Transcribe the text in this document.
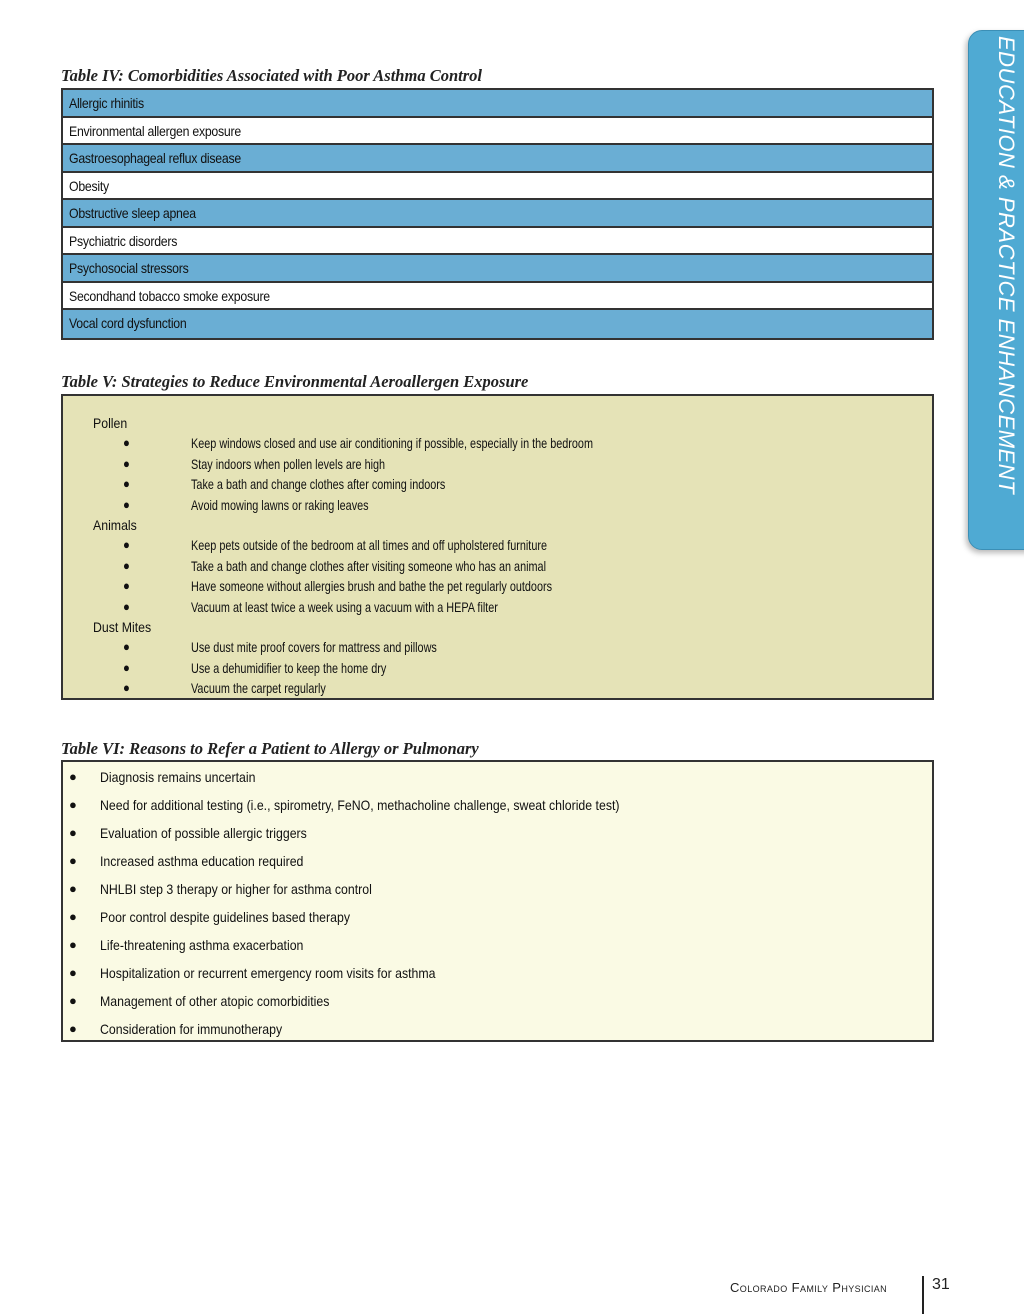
EDUCATION & PRACTICE ENHANCEMENT
Table IV: Comorbidities Associated with Poor Asthma Control
Allergic rhinitis
Environmental allergen exposure
Gastroesophageal reflux disease
Obesity
Obstructive sleep apnea
Psychiatric disorders
Psychosocial stressors
Secondhand tobacco smoke exposure
Vocal cord dysfunction
Table V: Strategies to Reduce Environmental Aeroallergen Exposure
Pollen
●	Keep windows closed and use air conditioning if possible, especially in the bedroom
●	Stay indoors when pollen levels are high
●	Take a bath and change clothes after coming indoors
●	Avoid mowing lawns or raking leaves
Animals
●	Keep pets outside of the bedroom at all times and off upholstered furniture
●	Take a bath and change clothes after visiting someone who has an animal
●	Have someone without allergies brush and bathe the pet regularly outdoors
●	Vacuum at least twice a week using a vacuum with a HEPA filter
Dust Mites
●	Use dust mite proof covers for mattress and pillows
●	Use a dehumidifier to keep the home dry
●	Vacuum the carpet regularly
Table VI: Reasons to Refer a Patient to Allergy or Pulmonary
● Diagnosis remains uncertain
● Need for additional testing (i.e., spirometry, FeNO, methacholine challenge, sweat chloride test)
● Evaluation of possible allergic triggers
● Increased asthma education required
● NHLBI step 3 therapy or higher for asthma control
● Poor control despite guidelines based therapy
● Life-threatening asthma exacerbation
● Hospitalization or recurrent emergency room visits for asthma
● Management of other atopic comorbidities
● Consideration for immunotherapy
Colorado Family Physician	31
